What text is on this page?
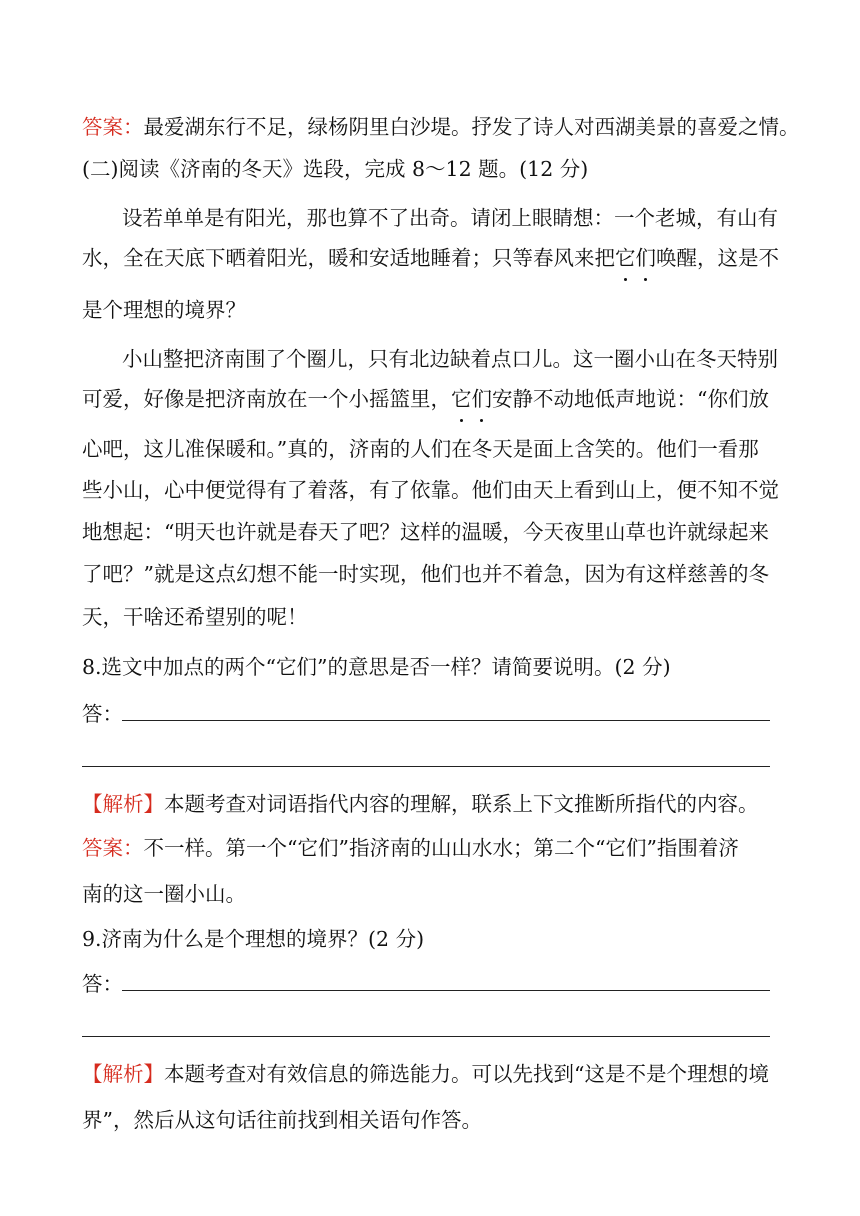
答案：最爱湖东行不足，绿杨阴里白沙堤。抒发了诗人对西湖美景的喜爱之情。
(二)阅读《济南的冬天》选段，完成 8～12 题。(12 分)
设若单单是有阳光，那也算不了出奇。请闭上眼睛想：一个老城，有山有
水，全在天底下晒着阳光，暖和安适地睡着；只等春风来把它们唤醒，这是不
是个理想的境界？
小山整把济南围了个圈儿，只有北边缺着点口儿。这一圈小山在冬天特别
可爱，好像是把济南放在一个小摇篮里，它们安静不动地低声地说：“你们放
心吧，这儿准保暖和。”真的，济南的人们在冬天是面上含笑的。他们一看那
些小山，心中便觉得有了着落，有了依靠。他们由天上看到山上，便不知不觉
地想起：“明天也许就是春天了吧？这样的温暖，今天夜里山草也许就绿起来
了吧？”就是这点幻想不能一时实现，他们也并不着急，因为有这样慈善的冬
天，干啥还希望别的呢！
8.选文中加点的两个“它们”的意思是否一样？请简要说明。(2 分)
答：
【解析】本题考查对词语指代内容的理解，联系上下文推断所指代的内容。
答案：不一样。第一个“它们”指济南的山山水水；第二个“它们”指围着济
南的这一圈小山。
9.济南为什么是个理想的境界？(2 分)
答：
【解析】本题考查对有效信息的筛选能力。可以先找到“这是不是个理想的境
界”，然后从这句话往前找到相关语句作答。
